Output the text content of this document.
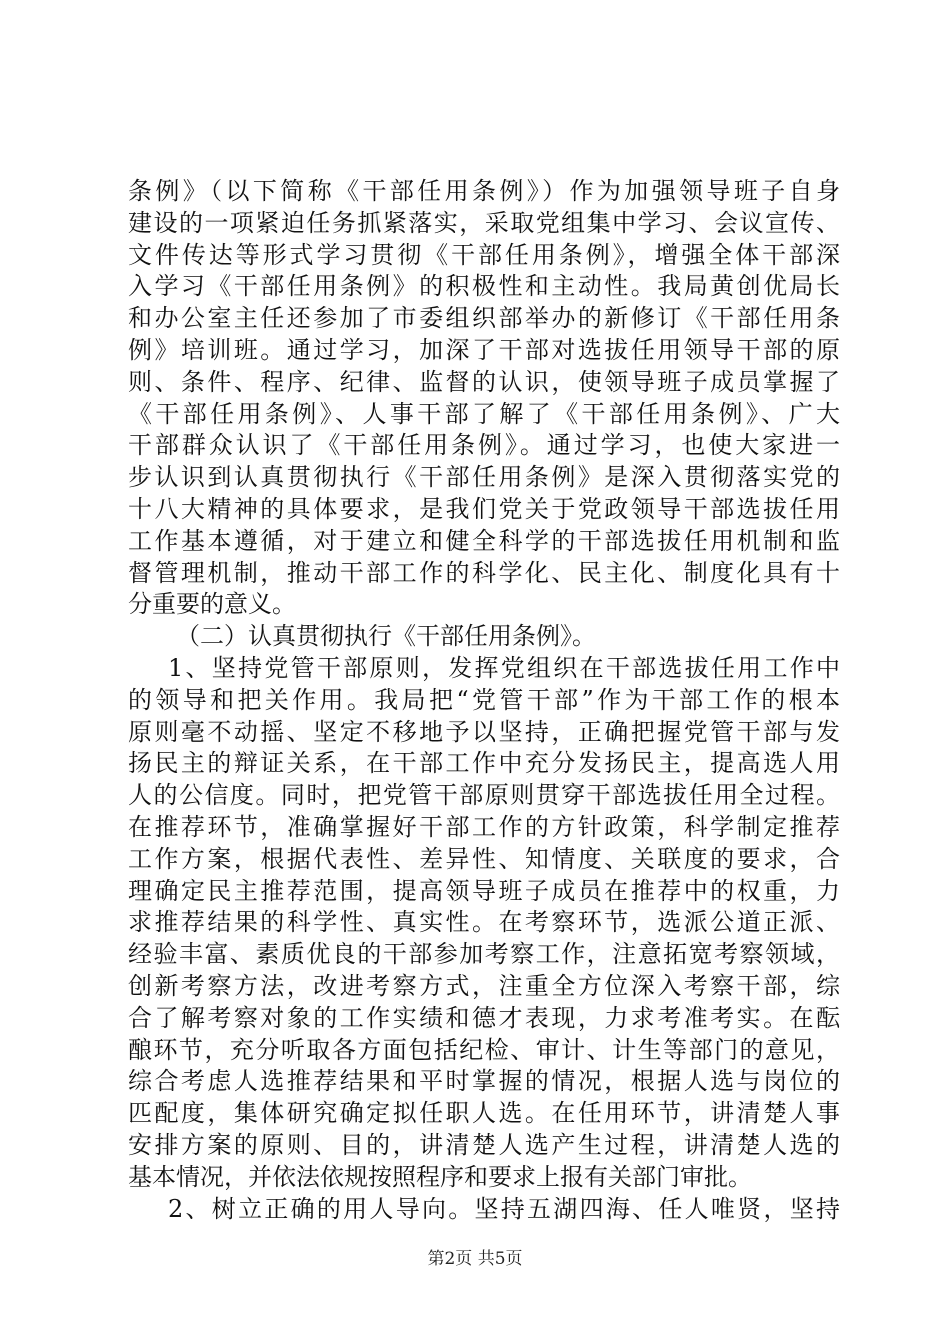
条例》（以下简称《干部任用条例》）作为加强领导班子自身
建设的一项紧迫任务抓紧落实，采取党组集中学习、会议宣传、
文件传达等形式学习贯彻《干部任用条例》，增强全体干部深
入学习《干部任用条例》的积极性和主动性。我局黄创优局长
和办公室主任还参加了市委组织部举办的新修订《干部任用条
例》培训班。通过学习，加深了干部对选拔任用领导干部的原
则、条件、程序、纪律、监督的认识，使领导班子成员掌握了
《干部任用条例》、人事干部了解了《干部任用条例》、广大
干部群众认识了《干部任用条例》。通过学习，也使大家进一
步认识到认真贯彻执行《干部任用条例》是深入贯彻落实党的
十八大精神的具体要求，是我们党关于党政领导干部选拔任用
工作基本遵循，对于建立和健全科学的干部选拔任用机制和监
督管理机制，推动干部工作的科学化、民主化、制度化具有十
分重要的意义。
（二）认真贯彻执行《干部任用条例》。
1、坚持党管干部原则，发挥党组织在干部选拔任用工作中
的领导和把关作用。我局把“党管干部”作为干部工作的根本
原则毫不动摇、坚定不移地予以坚持，正确把握党管干部与发
扬民主的辩证关系，在干部工作中充分发扬民主，提高选人用
人的公信度。同时，把党管干部原则贯穿干部选拔任用全过程。
在推荐环节，准确掌握好干部工作的方针政策，科学制定推荐
工作方案，根据代表性、差异性、知情度、关联度的要求，合
理确定民主推荐范围，提高领导班子成员在推荐中的权重，力
求推荐结果的科学性、真实性。在考察环节，选派公道正派、
经验丰富、素质优良的干部参加考察工作，注意拓宽考察领域，
创新考察方法，改进考察方式，注重全方位深入考察干部，综
合了解考察对象的工作实绩和德才表现，力求考准考实。在酝
酿环节，充分听取各方面包括纪检、审计、计生等部门的意见，
综合考虑人选推荐结果和平时掌握的情况，根据人选与岗位的
匹配度，集体研究确定拟任职人选。在任用环节，讲清楚人事
安排方案的原则、目的，讲清楚人选产生过程，讲清楚人选的
基本情况，并依法依规按照程序和要求上报有关部门审批。
2、树立正确的用人导向。坚持五湖四海、任人唯贤，坚持
第2页 共5页
